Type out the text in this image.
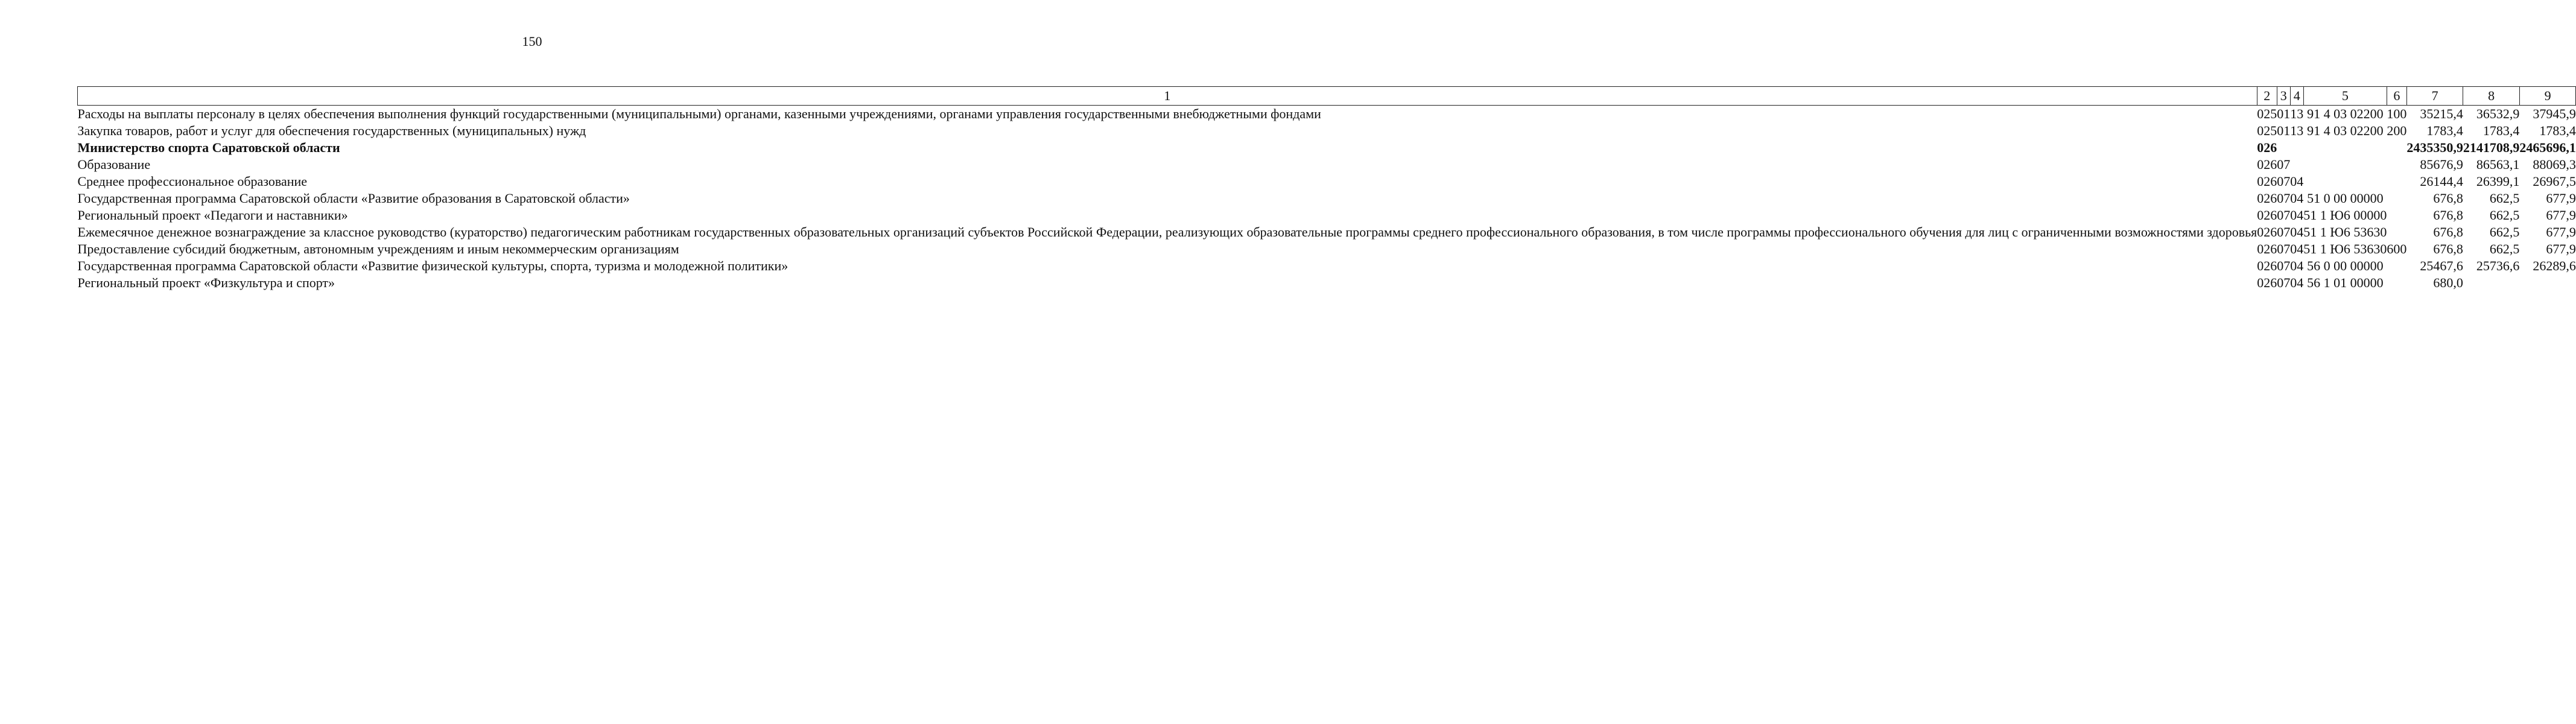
150
1	2	3	4	5	6	7	8	9
Расходы на выплаты персоналу в целях обеспечения выполнения функций государственными (муниципальными) органами, казенными учреждениями, органами управления государственными внебюджетными фондами	025	01	13	91 4 03 02200	100	35215,4	36532,9	37945,9
Закупка товаров, работ и услуг для обеспечения государственных (муниципальных) нужд	025	01	13	91 4 03 02200	200	1783,4	1783,4	1783,4
Министерство спорта Саратовской области	026					2435350,9	2141708,9	2465696,1
Образование	026	07				85676,9	86563,1	88069,3
Среднее профессиональное образование	026	07	04			26144,4	26399,1	26967,5
Государственная программа Саратовской области «Развитие образования в Саратовской области»	026	07	04	51 0 00 00000		676,8	662,5	677,9
Региональный проект «Педагоги и наставники»	026	07	04	51 1 Ю6 00000		676,8	662,5	677,9
Ежемесячное денежное вознаграждение за классное руководство (кураторство) педагогическим работникам государственных образовательных организаций субъектов Российской Федерации, реализующих образовательные программы среднего профессионального образования, в том числе программы профессионального обучения для лиц с ограниченными возможностями здоровья	026	07	04	51 1 Ю6 53630		676,8	662,5	677,9
Предоставление субсидий бюджетным, автономным учреждениям и иным некоммерческим организациям	026	07	04	51 1 Ю6 53630	600	676,8	662,5	677,9
Государственная программа Саратовской области «Развитие физической культуры, спорта, туризма и молодежной политики»	026	07	04	56 0 00 00000		25467,6	25736,6	26289,6
Региональный проект «Физкультура и спорт»	026	07	04	56 1 01 00000		680,0		
